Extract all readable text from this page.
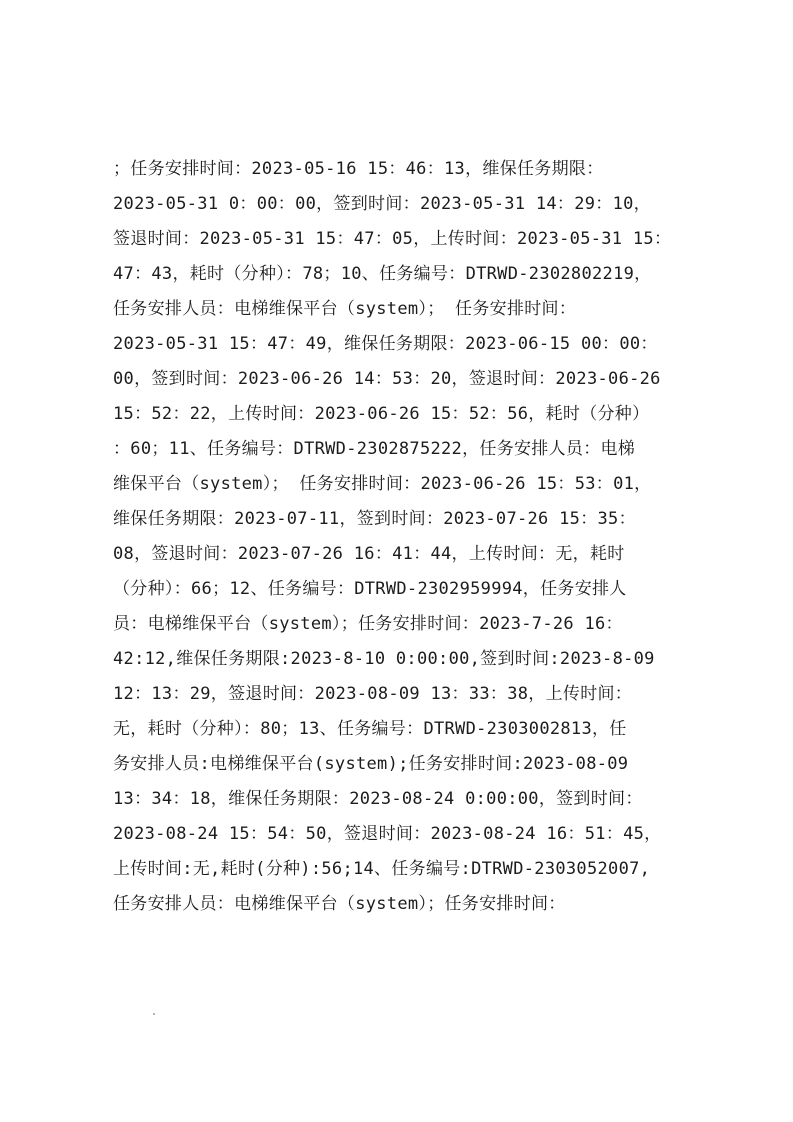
；任务安排时间：2023-05-16 15：46：13，维保任务期限：
2023-05-31 0：00：00，签到时间：2023-05-31 14：29：10，
签退时间：2023-05-31 15：47：05，上传时间：2023-05-31 15：
47：43，耗时（分种）：78；10、任务编号：DTRWD-2302802219，
任务安排人员：电梯维保平台（system）； 任务安排时间：
2023-05-31 15：47：49，维保任务期限：2023-06-15 00：00：
00，签到时间：2023-06-26 14：53：20，签退时间：2023-06-26
15：52：22，上传时间：2023-06-26 15：52：56，耗时（分种）
：60；11、任务编号：DTRWD-2302875222，任务安排人员：电梯
维保平台（system）； 任务安排时间：2023-06-26 15：53：01，
维保任务期限：2023-07-11，签到时间：2023-07-26 15：35：
08，签退时间：2023-07-26 16：41：44，上传时间：无，耗时
（分种）：66；12、任务编号：DTRWD-2302959994，任务安排人
员：电梯维保平台（system）；任务安排时间：2023-7-26 16：
42:12,维保任务期限:2023-8-10 0:00:00,签到时间:2023-8-09
12：13：29，签退时间：2023-08-09 13：33：38，上传时间：
无，耗时（分种）：80；13、任务编号：DTRWD-2303002813，任
务安排人员:电梯维保平台(system);任务安排时间:2023-08-09
13：34：18，维保任务期限：2023-08-24 0:00:00，签到时间：
2023-08-24 15：54：50，签退时间：2023-08-24 16：51：45，
上传时间:无,耗时(分种):56;14、任务编号:DTRWD-2303052007,
任务安排人员：电梯维保平台（system）；任务安排时间：
